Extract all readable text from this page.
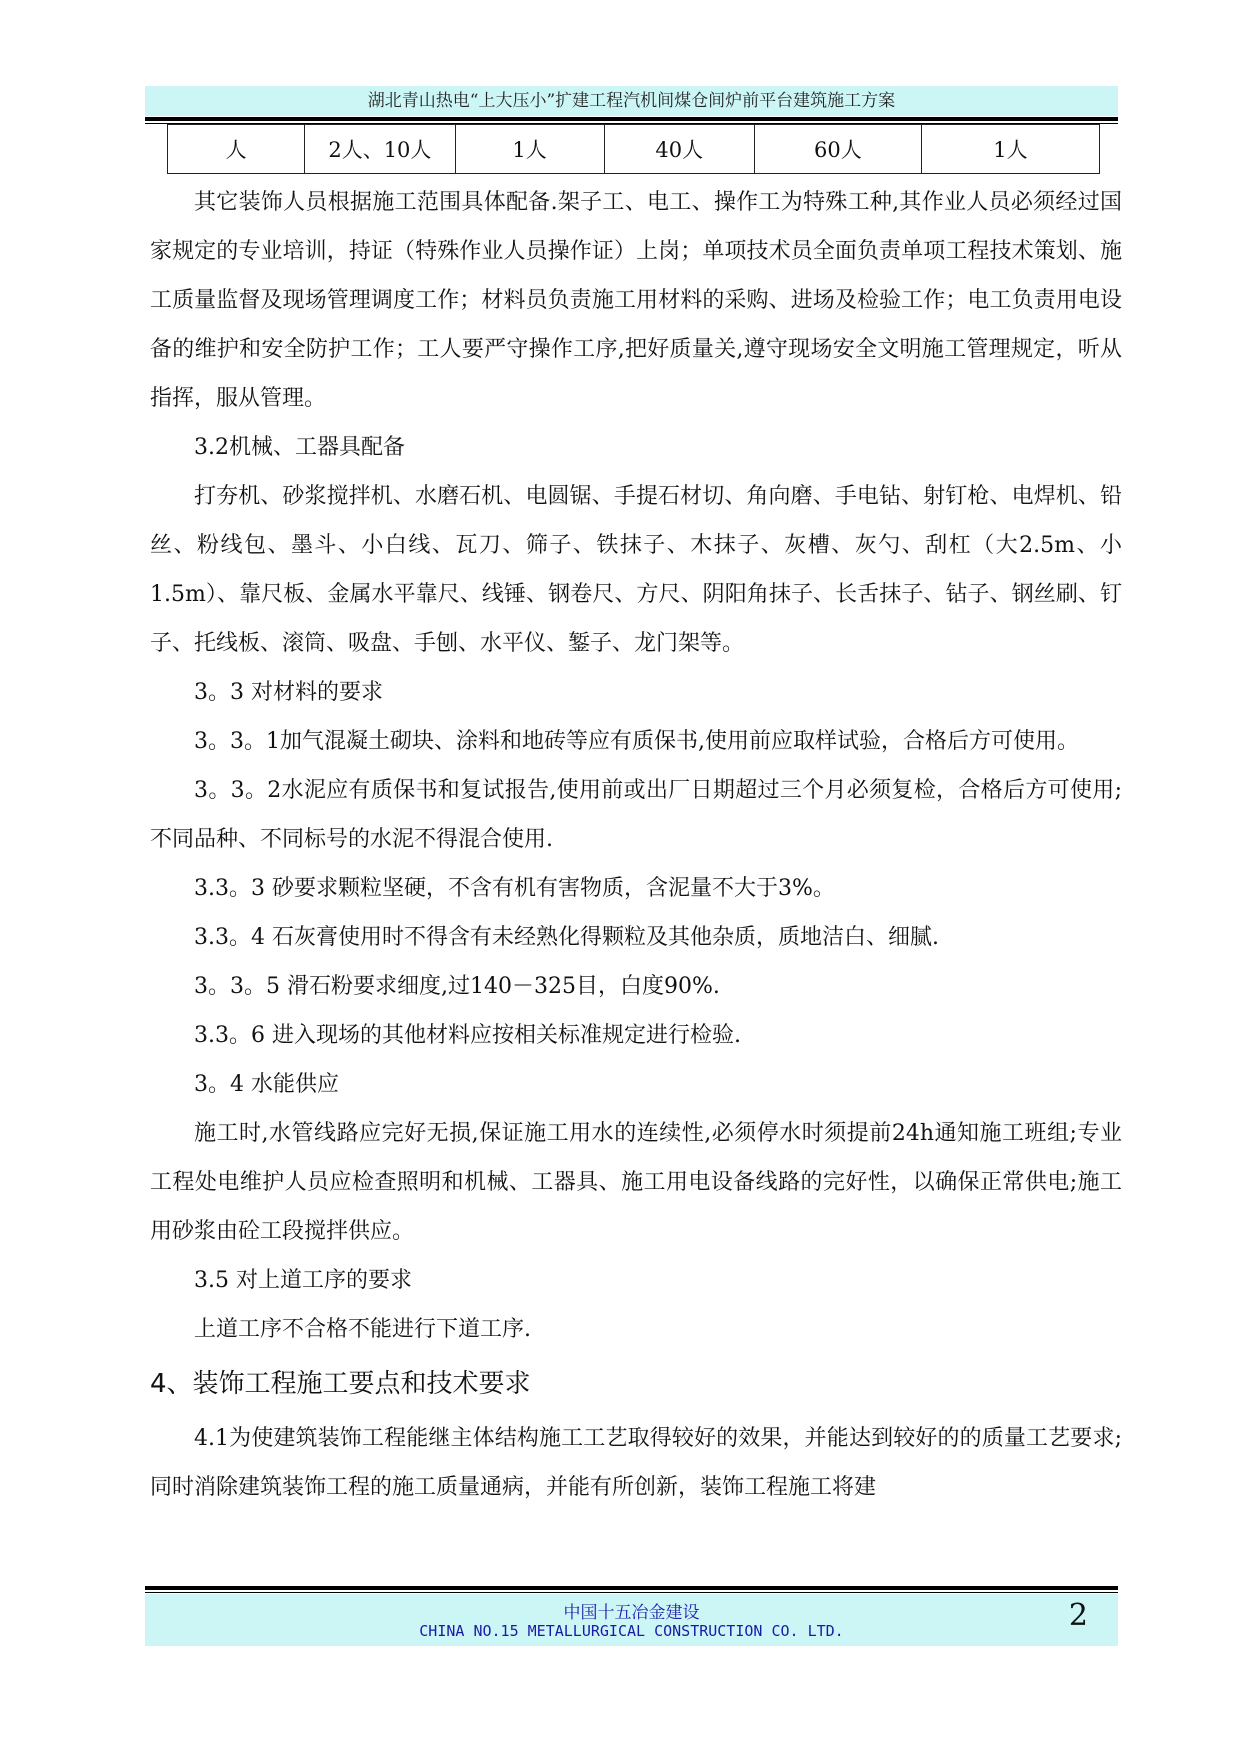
湖北青山热电“上大压小”扩建工程汽机间煤仓间炉前平台建筑施工方案
人	2人、10人	1人	40人	60人	1人

其它装饰人员根据施工范围具体配备.架子工、电工、操作工为特殊工种,其作业人员必须经过国家规定的专业培训，持证（特殊作业人员操作证）上岗；单项技术员全面负责单项工程技术策划、施工质量监督及现场管理调度工作；材料员负责施工用材料的采购、进场及检验工作；电工负责用电设备的维护和安全防护工作；工人要严守操作工序,把好质量关,遵守现场安全文明施工管理规定，听从指挥，服从管理。

3.2机械、工器具配备

打夯机、砂浆搅拌机、水磨石机、电圆锯、手提石材切、角向磨、手电钻、射钉枪、电焊机、铅丝、粉线包、墨斗、小白线、瓦刀、筛子、铁抹子、木抹子、灰槽、灰勺、刮杠（大2.5m、小1.5m）、靠尺板、金属水平靠尺、线锤、钢卷尺、方尺、阴阳角抹子、长舌抹子、钻子、钢丝刷、钉子、托线板、滚筒、吸盘、手刨、水平仪、錾子、龙门架等。

3。3 对材料的要求

3。3。1加气混凝土砌块、涂料和地砖等应有质保书,使用前应取样试验，合格后方可使用。

3。3。2水泥应有质保书和复试报告,使用前或出厂日期超过三个月必须复检，合格后方可使用;不同品种、不同标号的水泥不得混合使用.

3.3。3 砂要求颗粒坚硬，不含有机有害物质，含泥量不大于3%。

3.3。4 石灰膏使用时不得含有未经熟化得颗粒及其他杂质，质地洁白、细腻.

3。3。5 滑石粉要求细度,过140－325目，白度90%.

3.3。6 进入现场的其他材料应按相关标准规定进行检验.

3。4 水能供应

施工时,水管线路应完好无损,保证施工用水的连续性,必须停水时须提前24h通知施工班组;专业工程处电维护人员应检查照明和机械、工器具、施工用电设备线路的完好性，以确保正常供电;施工用砂浆由砼工段搅拌供应。

3.5 对上道工序的要求

上道工序不合格不能进行下道工序.

4、装饰工程施工要点和技术要求

4.1为使建筑装饰工程能继主体结构施工工艺取得较好的效果，并能达到较好的的质量工艺要求;同时消除建筑装饰工程的施工质量通病，并能有所创新，装饰工程施工将建

中国十五冶金建设
CHINA NO.15 METALLURGICAL CONSTRUCTION CO. LTD.	2
